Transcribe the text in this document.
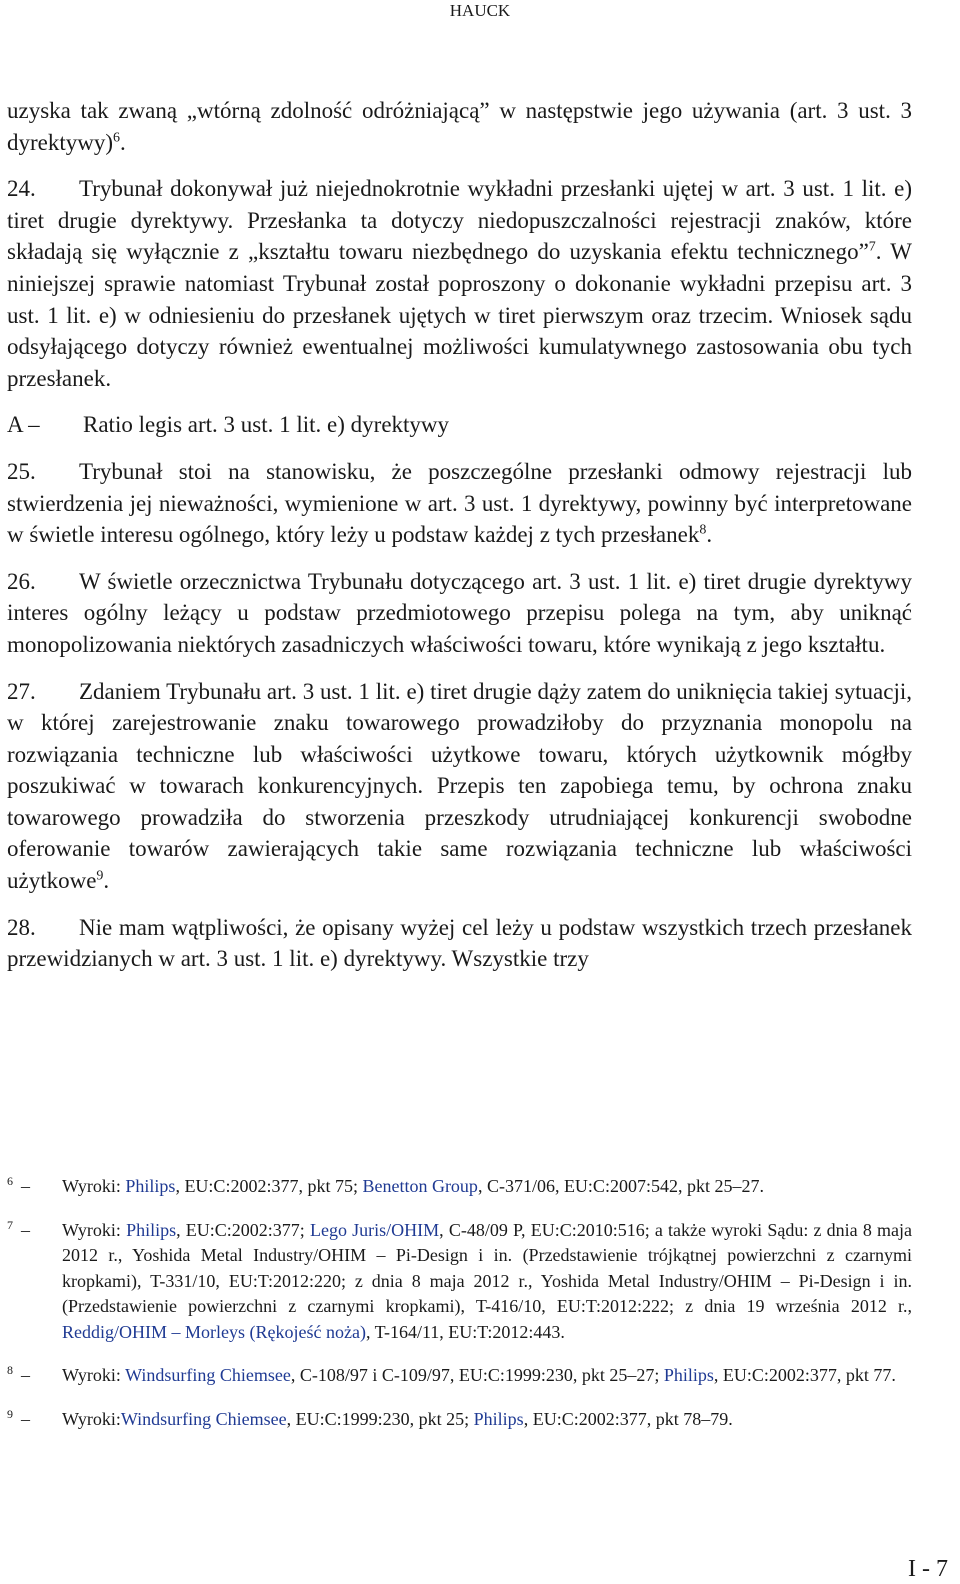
HAUCK

uzyska tak zwaną „wtórną zdolność odróżniającą” w następstwie jego używania (art. 3 ust. 3 dyrektywy)$^6$.

24. Trybunał dokonywał już niejednokrotnie wykładni przesłanki ujętej w art. 3 ust. 1 lit. e) tiret drugie dyrektywy. Przesłanka ta dotyczy niedopuszczalności rejestracji znaków, które składają się wyłącznie z „kształtu towaru niezbędnego do uzyskania efektu technicznego”$^7$. W niniejszej sprawie natomiast Trybunał został poproszony o dokonanie wykładni przepisu art. 3 ust. 1 lit. e) w odniesieniu do przesłanek ujętych w tiret pierwszym oraz trzecim. Wniosek sądu odsyłającego dotyczy również ewentualnej możliwości kumulatywnego zastosowania obu tych przesłanek.

A – Ratio legis art. 3 ust. 1 lit. e) dyrektywy

25. Trybunał stoi na stanowisku, że poszczególne przesłanki odmowy rejestracji lub stwierdzenia jej nieważności, wymienione w art. 3 ust. 1 dyrektywy, powinny być interpretowane w świetle interesu ogólnego, który leży u podstaw każdej z tych przesłanek$^8$.

26. W świetle orzecznictwa Trybunału dotyczącego art. 3 ust. 1 lit. e) tiret drugie dyrektywy interes ogólny leżący u podstaw przedmiotowego przepisu polega na tym, aby uniknąć monopolizowania niektórych zasadniczych właściwości towaru, które wynikają z jego kształtu.

27. Zdaniem Trybunału art. 3 ust. 1 lit. e) tiret drugie dąży zatem do uniknięcia takiej sytuacji, w której zarejestrowanie znaku towarowego prowadziłoby do przyznania monopolu na rozwiązania techniczne lub właściwości użytkowe towaru, których użytkownik mógłby poszukiwać w towarach konkurencyjnych. Przepis ten zapobiega temu, by ochrona znaku towarowego prowadziła do stworzenia przeszkody utrudniającej konkurencji swobodne oferowanie towarów zawierających takie same rozwiązania techniczne lub właściwości użytkowe$^9$.

28. Nie mam wątpliwości, że opisany wyżej cel leży u podstaw wszystkich trzech przesłanek przewidzianych w art. 3 ust. 1 lit. e) dyrektywy. Wszystkie trzy

$^6$ – Wyroki: Philips, EU:C:2002:377, pkt 75; Benetton Group, C-371/06, EU:C:2007:542, pkt 25–27.
$^7$ – Wyroki: Philips, EU:C:2002:377; Lego Juris/OHIM, C-48/09 P, EU:C:2010:516; a także wyroki Sądu: z dnia 8 maja 2012 r., Yoshida Metal Industry/OHIM – Pi-Design i in. (Przedstawienie trójkątnej powierzchni z czarnymi kropkami), T-331/10, EU:T:2012:220; z dnia 8 maja 2012 r., Yoshida Metal Industry/OHIM – Pi-Design i in. (Przedstawienie powierzchni z czarnymi kropkami), T-416/10, EU:T:2012:222; z dnia 19 września 2012 r., Reddig/OHIM – Morleys (Rękojeść noża), T-164/11, EU:T:2012:443.
$^8$ – Wyroki: Windsurfing Chiemsee, C-108/97 i C-109/97, EU:C:1999:230, pkt 25–27; Philips, EU:C:2002:377, pkt 77.
$^9$ – Wyroki:Windsurfing Chiemsee, EU:C:1999:230, pkt 25; Philips, EU:C:2002:377, pkt 78–79.
I - 7
